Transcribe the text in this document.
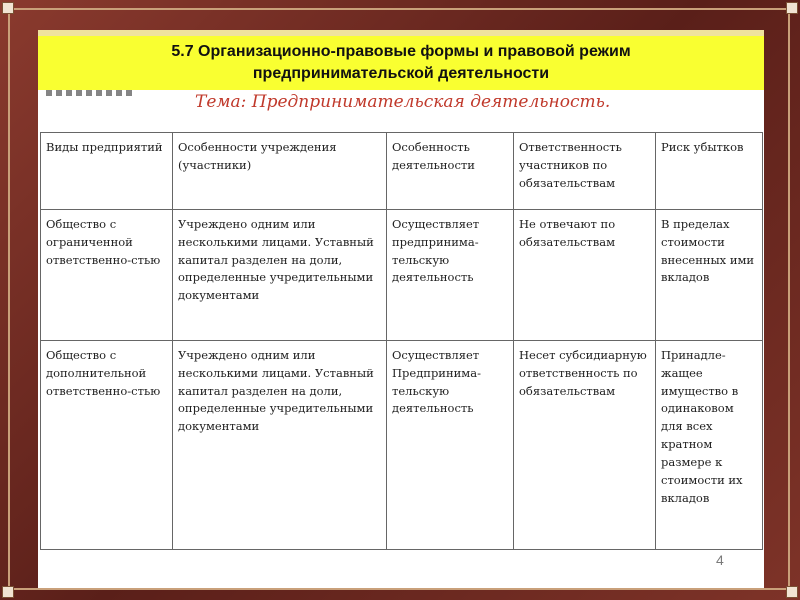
5.7 Организационно-правовые формы и правовой режим
предпринимательской деятельности
Тема: Предпринимательская деятельность.
Виды предприятий	Особенности учреждения (участники)	Особенность деятельности	Ответственность участников по обязательствам	Риск убытков
Общество с ограниченной ответственно-стью	Учреждено одним или несколькими лицами. Уставный капитал разделен на доли, определенные учредительными документами	Осуществляет предпринима-тельскую деятельность	Не отвечают по обязательствам	В пределах стоимости внесенных ими вкладов
Общество с дополнительной ответственно-стью	Учреждено одним или несколькими лицами. Уставный капитал разделен на доли, определенные учредительными документами	Осуществляет Предпринима-тельскую деятельность	Несет субсидиарную ответственность по обязательствам	Принадле-жащее имущество в одинаковом для всех кратном размере к стоимости их вкладов
4
